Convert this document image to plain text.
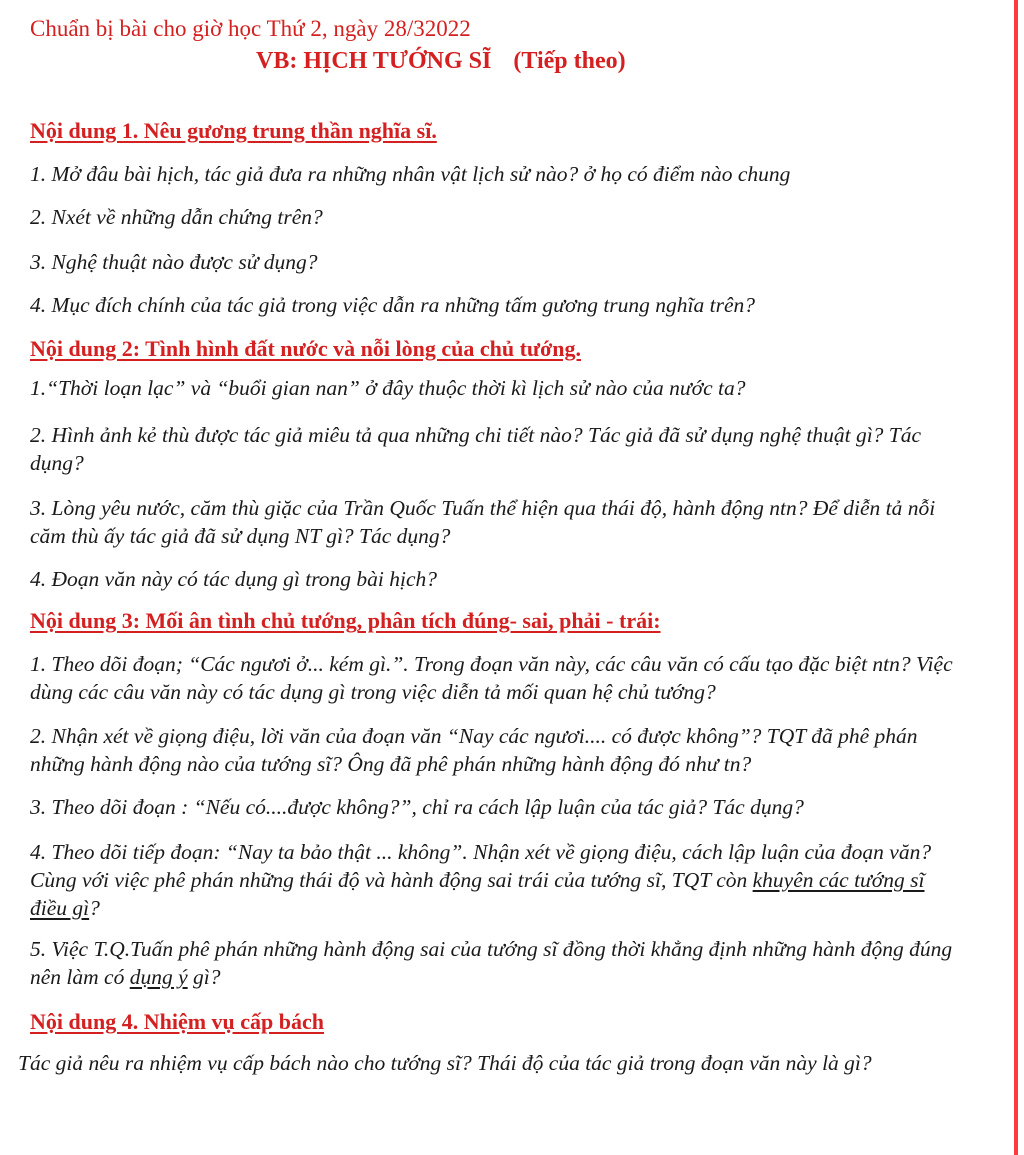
Chuẩn bị bài cho giờ học Thứ 2, ngày 28/32022
VB: HỊCH TƯỚNG SĨ (Tiếp theo)
Nội dung 1. Nêu gương trung thần nghĩa sĩ.
1. Mở đâu bài hịch, tác giả đưa ra những nhân vật lịch sử nào? ở họ có điểm nào chung
2. Nxét về những dẫn chứng trên?
3. Nghệ thuật nào được sử dụng?
4. Mục đích chính của tác giả trong việc dẫn ra những tấm gương trung nghĩa trên?
Nội dung 2: Tình hình đất nước và nỗi lòng của chủ tướng.
1.“Thời loạn lạc” và “buổi gian nan” ở đây thuộc thời kì lịch sử nào của nước ta?
2. Hình ảnh kẻ thù được tác giả miêu tả qua những chi tiết nào? Tác giả đã sử dụng nghệ thuật gì? Tác dụng?
3. Lòng yêu nước, căm thù giặc của Trần Quốc Tuấn thể hiện qua thái độ, hành động ntn? Để diễn tả nỗi căm thù ấy tác giả đã sử dụng NT gì? Tác dụng?
4. Đoạn văn này có tác dụng gì trong bài hịch?
Nội dung 3: Mối ân tình chủ tướng, phân tích đúng- sai, phải - trái:
1. Theo dõi đoạn; “Các ngươi ở... kém gì.”. Trong đoạn văn này, các câu văn có cấu tạo đặc biệt ntn? Việc dùng các câu văn này có tác dụng gì trong việc diễn tả mối quan hệ chủ tướng?
2. Nhận xét về giọng điệu, lời văn của đoạn văn “Nay các ngươi.... có được không”? TQT đã phê phán những hành động nào của tướng sĩ? Ông đã phê phán những hành động đó như tn?
3. Theo dõi đoạn : “Nếu có....được không?”, chỉ ra cách lập luận của tác giả? Tác dụng?
4. Theo dõi tiếp đoạn: “Nay ta bảo thật ... không”. Nhận xét về giọng điệu, cách lập luận của đoạn văn? Cùng với việc phê phán những thái độ và hành động sai trái của tướng sĩ, TQT còn khuyên các tướng sĩ điều gì?
5. Việc T.Q.Tuấn phê phán những hành động sai của tướng sĩ đồng thời khẳng định những hành động đúng nên làm có dụng ý gì?
Nội dung 4. Nhiệm vụ cấp bách
Tác giả nêu ra nhiệm vụ cấp bách nào cho tướng sĩ? Thái độ của tác giả trong đoạn văn này là gì?
